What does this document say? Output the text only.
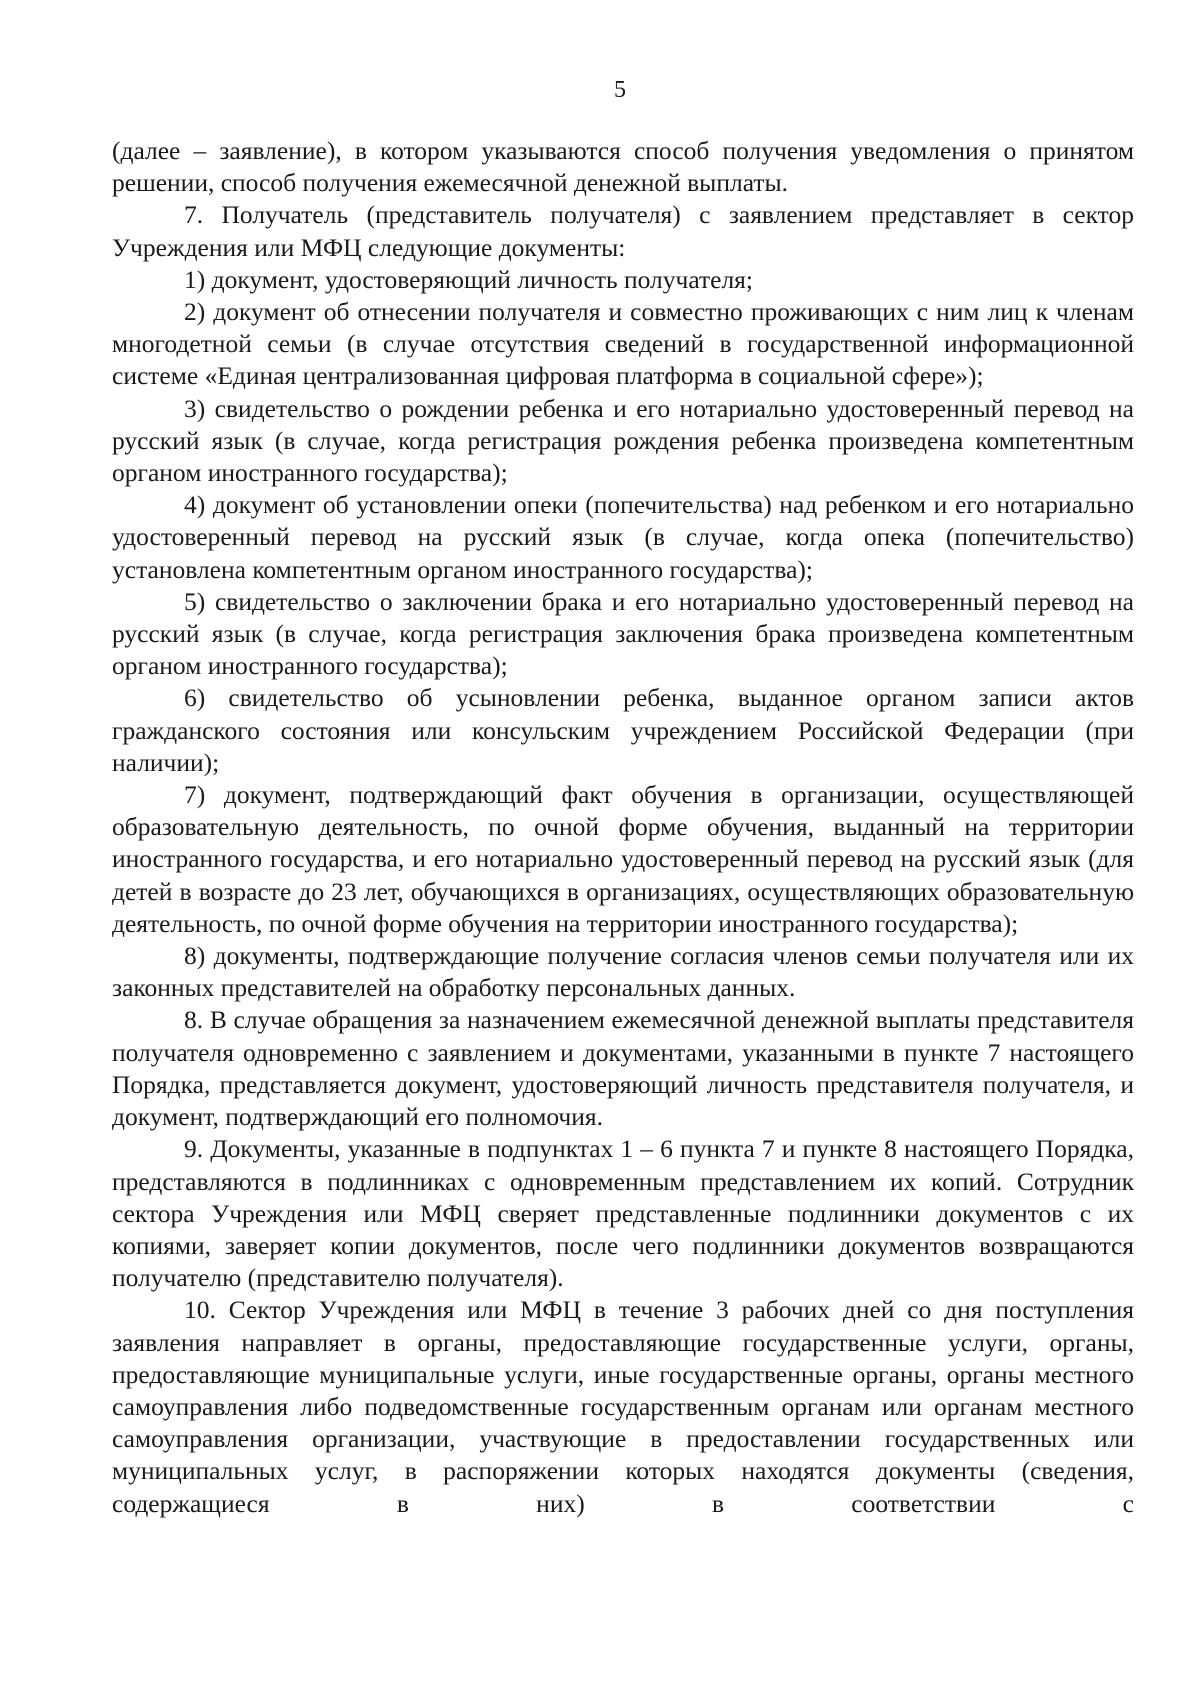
5

(далее – заявление), в котором указываются способ получения уведомления о принятом решении, способ получения ежемесячной денежной выплаты.

7. Получатель (представитель получателя) с заявлением представляет в сектор Учреждения или МФЦ следующие документы:

1) документ, удостоверяющий личность получателя;

2) документ об отнесении получателя и совместно проживающих с ним лиц к членам многодетной семьи (в случае отсутствия сведений в государственной информационной системе «Единая централизованная цифровая платформа в социальной сфере»);

3) свидетельство о рождении ребенка и его нотариально удостоверенный перевод на русский язык (в случае, когда регистрация рождения ребенка произведена компетентным органом иностранного государства);

4) документ об установлении опеки (попечительства) над ребенком и его нотариально удостоверенный перевод на русский язык (в случае, когда опека (попечительство) установлена компетентным органом иностранного государства);

5) свидетельство о заключении брака и его нотариально удостоверенный перевод на русский язык (в случае, когда регистрация заключения брака произведена компетентным органом иностранного государства);

6) свидетельство об усыновлении ребенка, выданное органом записи актов гражданского состояния или консульским учреждением Российской Федерации (при наличии);

7) документ, подтверждающий факт обучения в организации, осуществляющей образовательную деятельность, по очной форме обучения, выданный на территории иностранного государства, и его нотариально удостоверенный перевод на русский язык (для детей в возрасте до 23 лет, обучающихся в организациях, осуществляющих образовательную деятельность, по очной форме обучения на территории иностранного государства);

8) документы, подтверждающие получение согласия членов семьи получателя или их законных представителей на обработку персональных данных.

8. В случае обращения за назначением ежемесячной денежной выплаты представителя получателя одновременно с заявлением и документами, указанными в пункте 7 настоящего Порядка, представляется документ, удостоверяющий личность представителя получателя, и документ, подтверждающий его полномочия.

9. Документы, указанные в подпунктах 1 – 6 пункта 7 и пункте 8 настоящего Порядка, представляются в подлинниках с одновременным представлением их копий. Сотрудник сектора Учреждения или МФЦ сверяет представленные подлинники документов с их копиями, заверяет копии документов, после чего подлинники документов возвращаются получателю (представителю получателя).

10. Сектор Учреждения или МФЦ в течение 3 рабочих дней со дня поступления заявления направляет в органы, предоставляющие государственные услуги, органы, предоставляющие муниципальные услуги, иные государственные органы, органы местного самоуправления либо подведомственные государственным органам или органам местного самоуправления организации, участвующие в предоставлении государственных или муниципальных услуг, в распоряжении которых находятся документы (сведения, содержащиеся в них) в соответствии с
